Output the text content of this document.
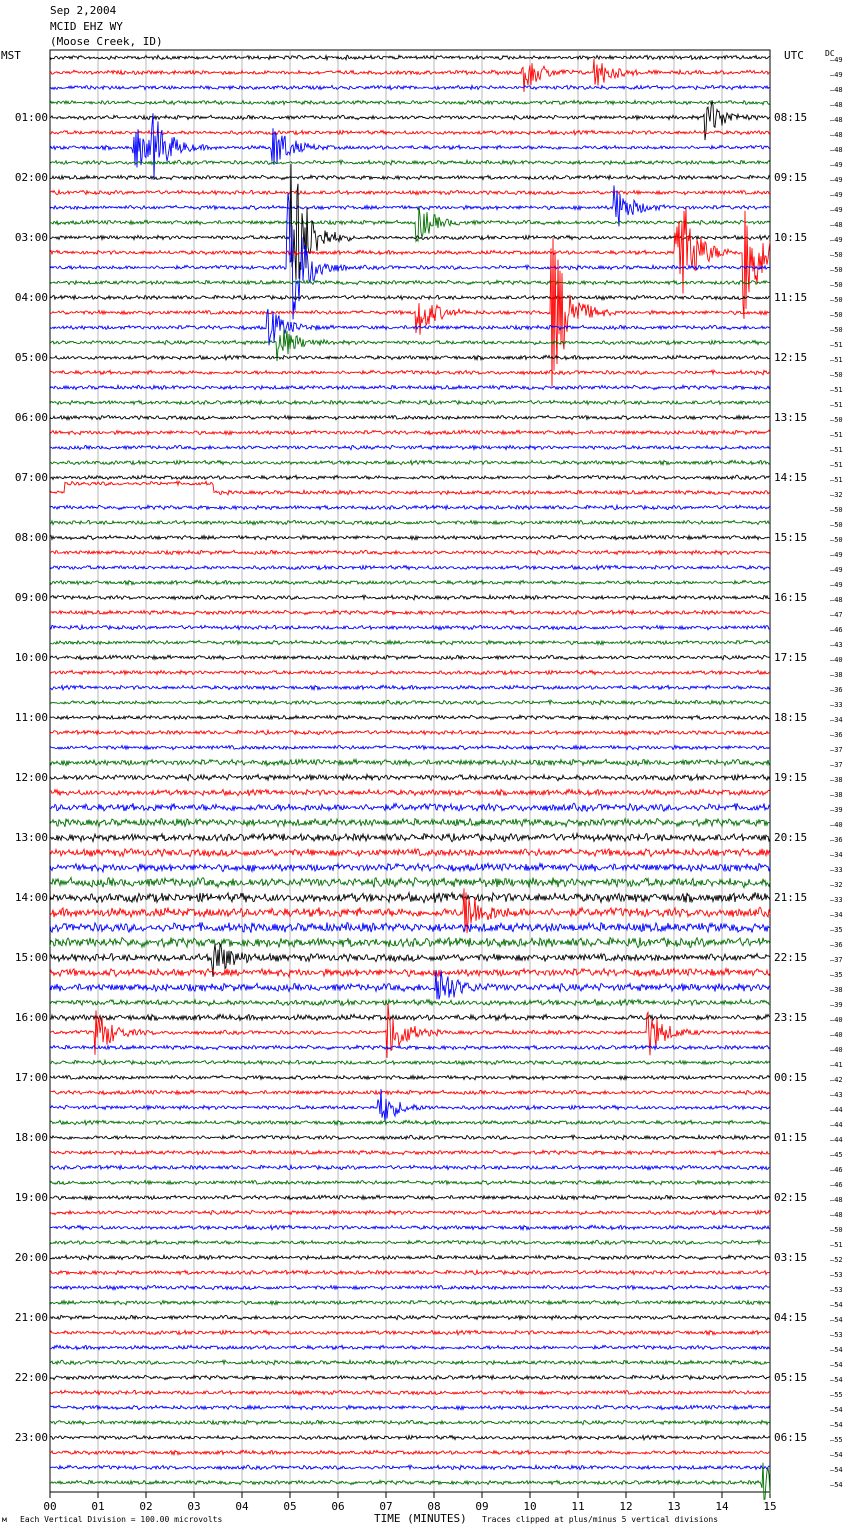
Sep 2,2004
MCID EHZ WY
(Moose Creek, ID)
MST	UTC	DC
01:00
02:00
03:00
04:00
05:00
06:00
07:00
08:00
09:00
10:00
11:00
12:00
13:00
14:00
15:00
16:00
17:00
18:00
19:00
20:00
21:00
22:00
23:00
08:15
09:15
10:15
11:15
12:15
13:15
14:15
15:15
16:15
17:15
18:15
19:15
20:15
21:15
22:15
23:15
00:15
01:15
02:15
03:15
04:15
05:15
06:15
–49
–49
–48
–48
–48
–48
–48
–49
–49
–49
–49
–48
–49
–50
–50
–50
–50
–50
–50
–51
–51
–50
–51
–51
–50
–51
–51
–51
–51
–32
–50
–50
–50
–49
–49
–49
–48
–47
–46
–43
–40
–38
–36
–33
–34
–36
–37
–37
–38
–38
–39
–40
–36
–34
–33
–32
–33
–34
–35
–36
–37
–35
–38
–39
–40
–40
–40
–41
–42
–43
–44
–44
–44
–45
–46
–46
–48
–48
–50
–51
–52
–53
–53
–54
–54
–53
–54
–54
–54
–55
–54
–54
–55
–54
–54
–54
00	01	02	03	04	05	06	07	08	09	10	11	12	13	14	15
м Each Vertical Division = 100.00 microvolts	TIME (MINUTES) Traces clipped at plus/minus 5 vertical divisions
